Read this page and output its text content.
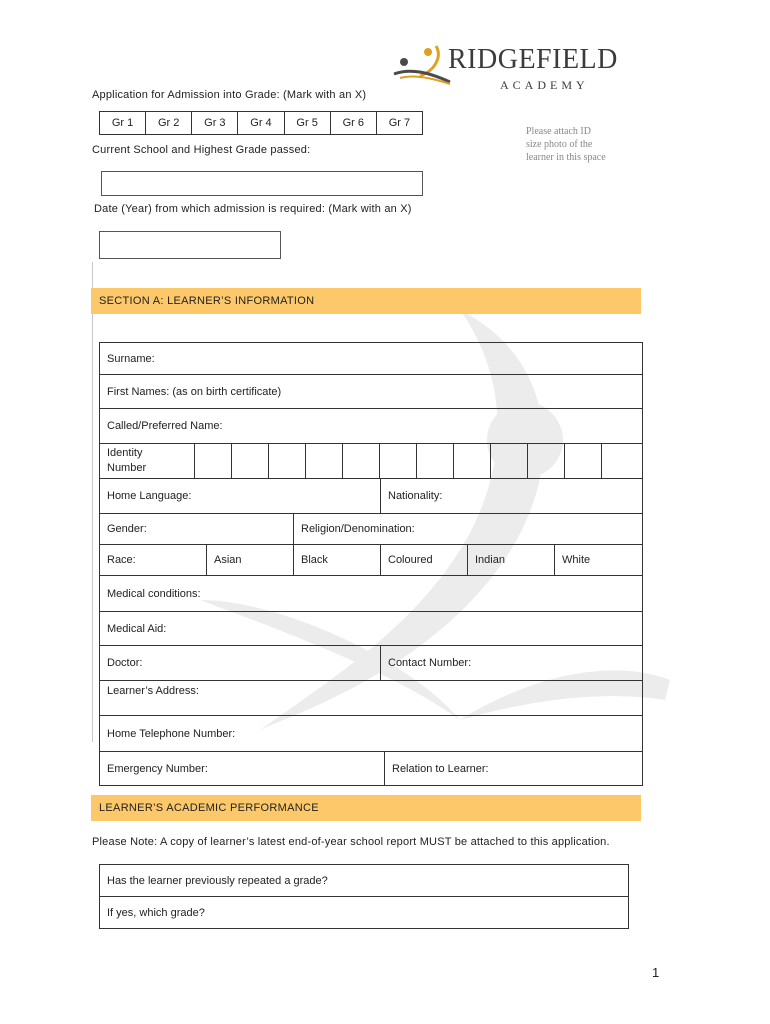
RIDGEFIELD
ACADEMY
Application for Admission into Grade: (Mark with an X)
Gr 1	Gr 2	Gr 3	Gr 4	Gr 5	Gr 6	Gr 7
Please attach ID size photo of the learner in this space
Current School and Highest Grade passed:
Date (Year) from which admission is required: (Mark with an X)
SECTION A: LEARNER’S INFORMATION
Surname:
First Names: (as on birth certificate)
Called/Preferred Name:
Identity Number
Home Language:	Nationality:
Gender:	Religion/Denomination:
Race:	Asian	Black	Coloured	Indian	White
Medical conditions:
Medical Aid:
Doctor:	Contact Number:
Learner’s Address:
Home Telephone Number:
Emergency Number:	Relation to Learner:
LEARNER’S ACADEMIC PERFORMANCE
Please Note: A copy of learner’s latest end-of-year school report MUST be attached to this application.
Has the learner previously repeated a grade?
If yes, which grade?
1
